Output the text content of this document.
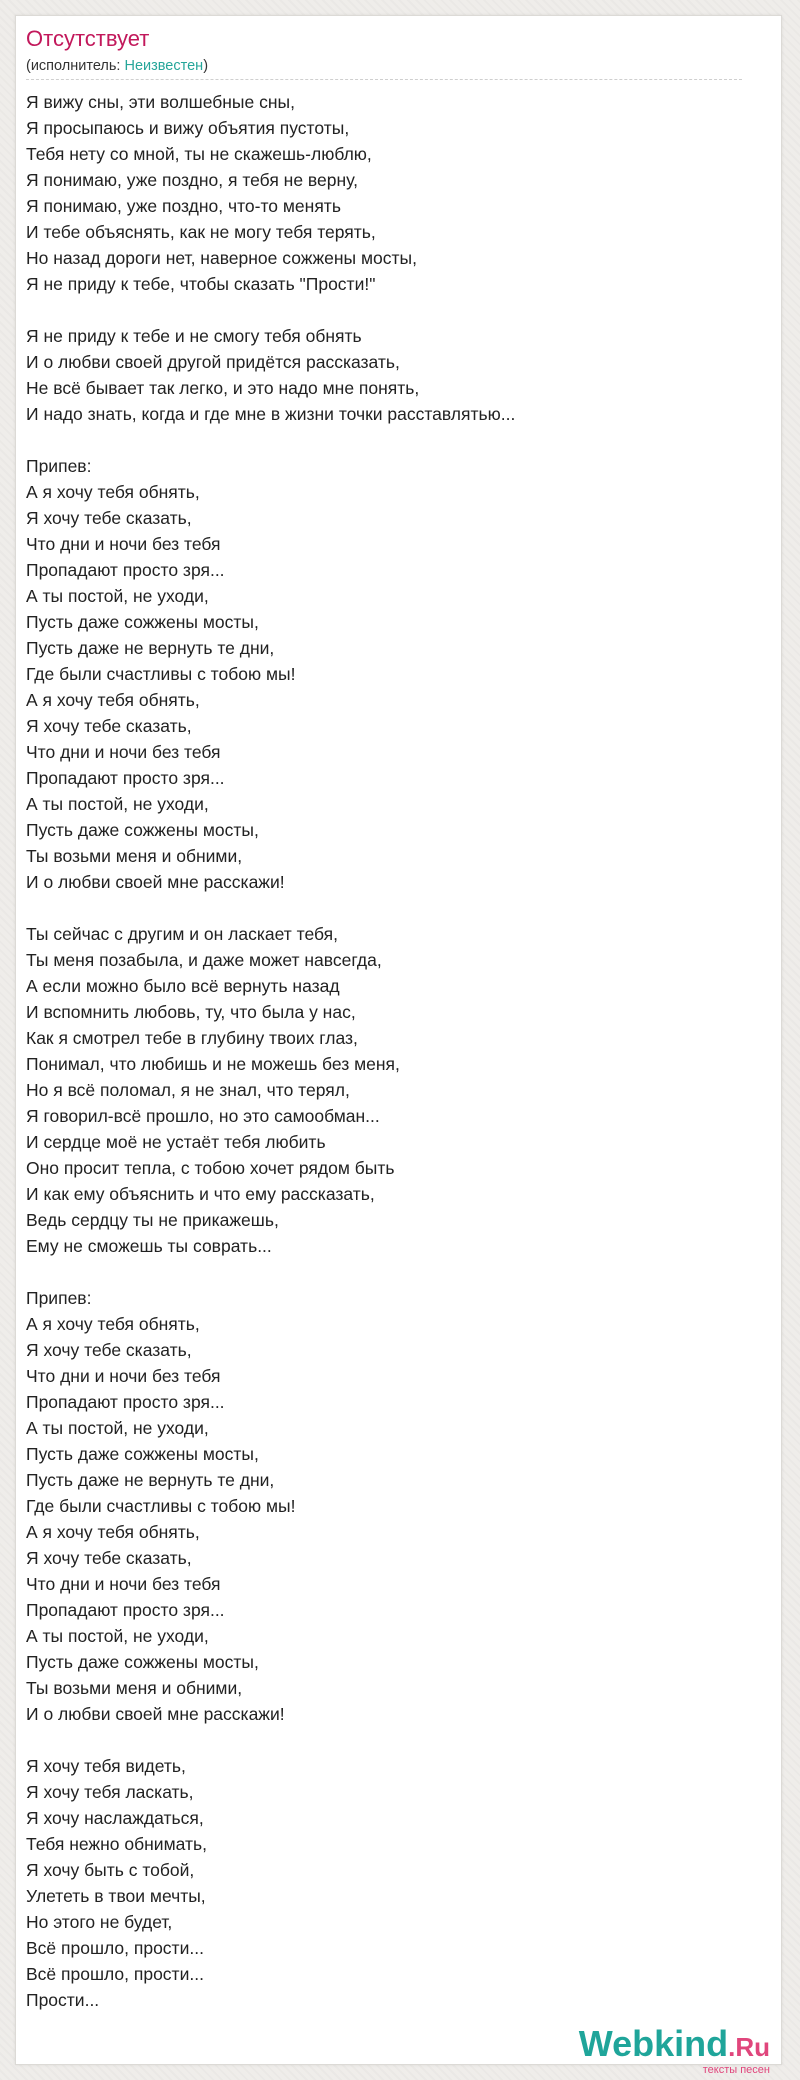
Отсутствует
(исполнитель: Неизвестен)
Я вижу сны, эти волшебные сны,
Я просыпаюсь и вижу объятия пустоты,
Тебя нету со мной, ты не скажешь-люблю,
Я понимаю, уже поздно, я тебя не верну,
Я понимаю, уже поздно, что-то менять
И тебе объяснять, как не могу тебя терять,
Но назад дороги нет, наверное сожжены мосты,
Я не приду к тебе, чтобы сказать "Прости!"
Я не приду к тебе и не смогу тебя обнять
И о любви своей другой придётся рассказать,
Не всё бывает так легко, и это надо мне понять,
И надо знать, когда и где мне в жизни точки расставлятью...
Припев:
А я хочу тебя обнять,
Я хочу тебе сказать,
Что дни и ночи без тебя
Пропадают просто зря...
А ты постой, не уходи,
Пусть даже сожжены мосты,
Пусть даже не вернуть те дни,
Где были счастливы с тобою мы!
А я хочу тебя обнять,
Я хочу тебе сказать,
Что дни и ночи без тебя
Пропадают просто зря...
А ты постой, не уходи,
Пусть даже сожжены мосты,
Ты возьми меня и обними,
И о любви своей мне расскажи!
Ты сейчас с другим и он ласкает тебя,
Ты меня позабыла, и даже может навсегда,
А если можно было всё вернуть назад
И вспомнить любовь, ту, что была у нас,
Как я смотрел тебе в глубину твоих глаз,
Понимал, что любишь и не можешь без меня,
Но я всё поломал, я не знал, что терял,
Я говорил-всё прошло, но это самообман...
И сердце моё не устаёт тебя любить
Оно просит тепла, с тобою хочет рядом быть
И как ему объяснить и что ему рассказать,
Ведь сердцу ты не прикажешь,
Ему не сможешь ты соврать...
Припев:
А я хочу тебя обнять,
Я хочу тебе сказать,
Что дни и ночи без тебя
Пропадают просто зря...
А ты постой, не уходи,
Пусть даже сожжены мосты,
Пусть даже не вернуть те дни,
Где были счастливы с тобою мы!
А я хочу тебя обнять,
Я хочу тебе сказать,
Что дни и ночи без тебя
Пропадают просто зря...
А ты постой, не уходи,
Пусть даже сожжены мосты,
Ты возьми меня и обними,
И о любви своей мне расскажи!
Я хочу тебя видеть,
Я хочу тебя ласкать,
Я хочу наслаждаться,
Тебя нежно обнимать,
Я хочу быть с тобой,
Улететь в твои мечты,
Но этого не будет,
Всё прошло, прости...
Всё прошло, прости...
Прости...
Webkind.Ru
тексты песен
